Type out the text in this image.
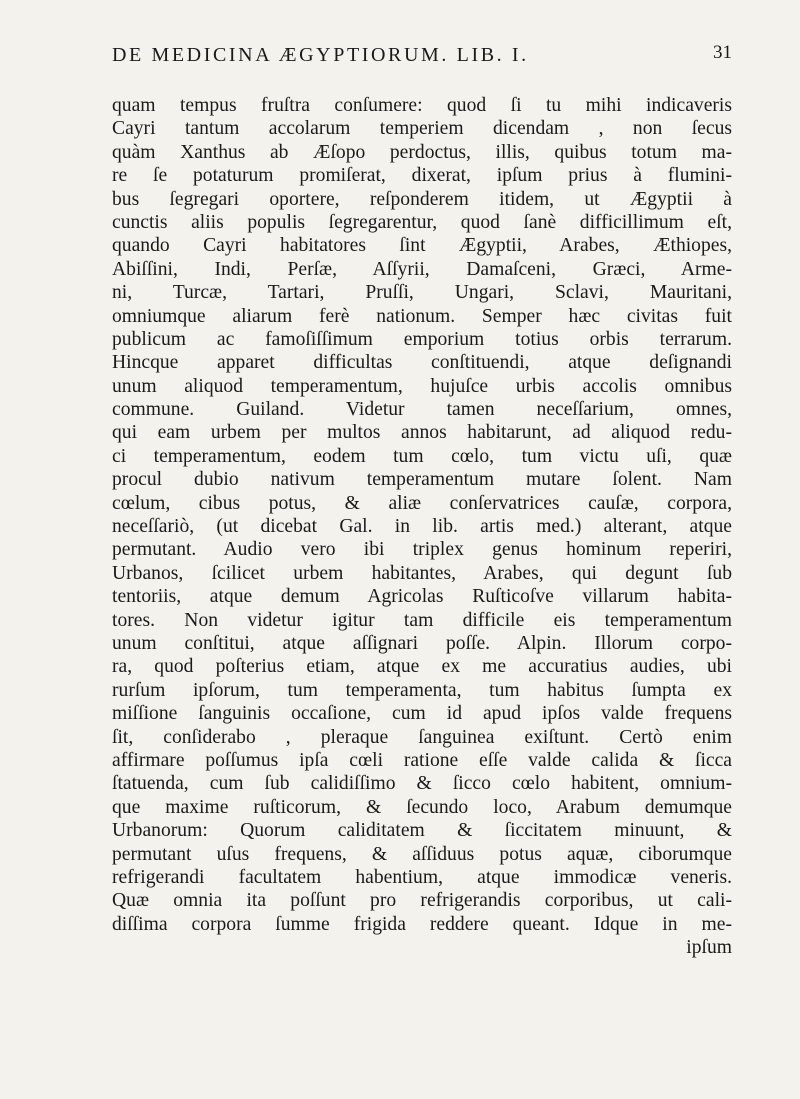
DE MEDICINA ÆGYPTIORUM. LIB. I.	31
quam tempus fruſtra conſumere: quod ſi tu mihi indicaveris
Cayri tantum accolarum temperiem dicendam , non ſecus
quàm Xanthus ab Æſopo perdoctus, illis, quibus totum ma-
re ſe potaturum promiſerat, dixerat, ipſum prius à flumini-
bus ſegregari oportere, reſponderem itidem, ut Ægyptii à
cunctis aliis populis ſegregarentur, quod ſanè difficillimum eſt,
quando Cayri habitatores ſint Ægyptii, Arabes, Æthiopes,
Abiſſini, Indi, Perſæ, Aſſyrii, Damaſceni, Græci, Arme-
ni, Turcæ, Tartari, Pruſſi, Ungari, Sclavi, Mauritani,
omniumque aliarum ferè nationum. Semper hæc civitas fuit
publicum ac famoſiſſimum emporium totius orbis terrarum.
Hincque apparet difficultas conſtituendi, atque deſignandi
unum aliquod temperamentum, hujuſce urbis accolis omnibus
commune. Guiland. Videtur tamen neceſſarium, omnes,
qui eam urbem per multos annos habitarunt, ad aliquod redu-
ci temperamentum, eodem tum cœlo, tum victu uſi, quæ
procul dubio nativum temperamentum mutare ſolent. Nam
cœlum, cibus potus, & aliæ conſervatrices cauſæ, corpora,
neceſſariò, (ut dicebat Gal. in lib. artis med.) alterant, atque
permutant. Audio vero ibi triplex genus hominum reperiri,
Urbanos, ſcilicet urbem habitantes, Arabes, qui degunt ſub
tentoriis, atque demum Agricolas Ruſticoſve villarum habita-
tores. Non videtur igitur tam difficile eis temperamentum
unum conſtitui, atque aſſignari poſſe. Alpin. Illorum corpo-
ra, quod poſterius etiam, atque ex me accuratius audies, ubi
rurſum ipſorum, tum temperamenta, tum habitus ſumpta ex
miſſione ſanguinis occaſione, cum id apud ipſos valde frequens
ſit, conſiderabo , pleraque ſanguinea exiſtunt. Certò enim
affirmare poſſumus ipſa cœli ratione eſſe valde calida & ſicca
ſtatuenda, cum ſub calidiſſimo & ſicco cœlo habitent, omnium-
que maxime ruſticorum, & ſecundo loco, Arabum demumque
Urbanorum: Quorum caliditatem & ſiccitatem minuunt, &
permutant uſus frequens, & aſſiduus potus aquæ, ciborumque
refrigerandi facultatem habentium, atque immodicæ veneris.
Quæ omnia ita poſſunt pro refrigerandis corporibus, ut cali-
diſſima corpora ſumme frigida reddere queant. Idque in me-
ipſum
